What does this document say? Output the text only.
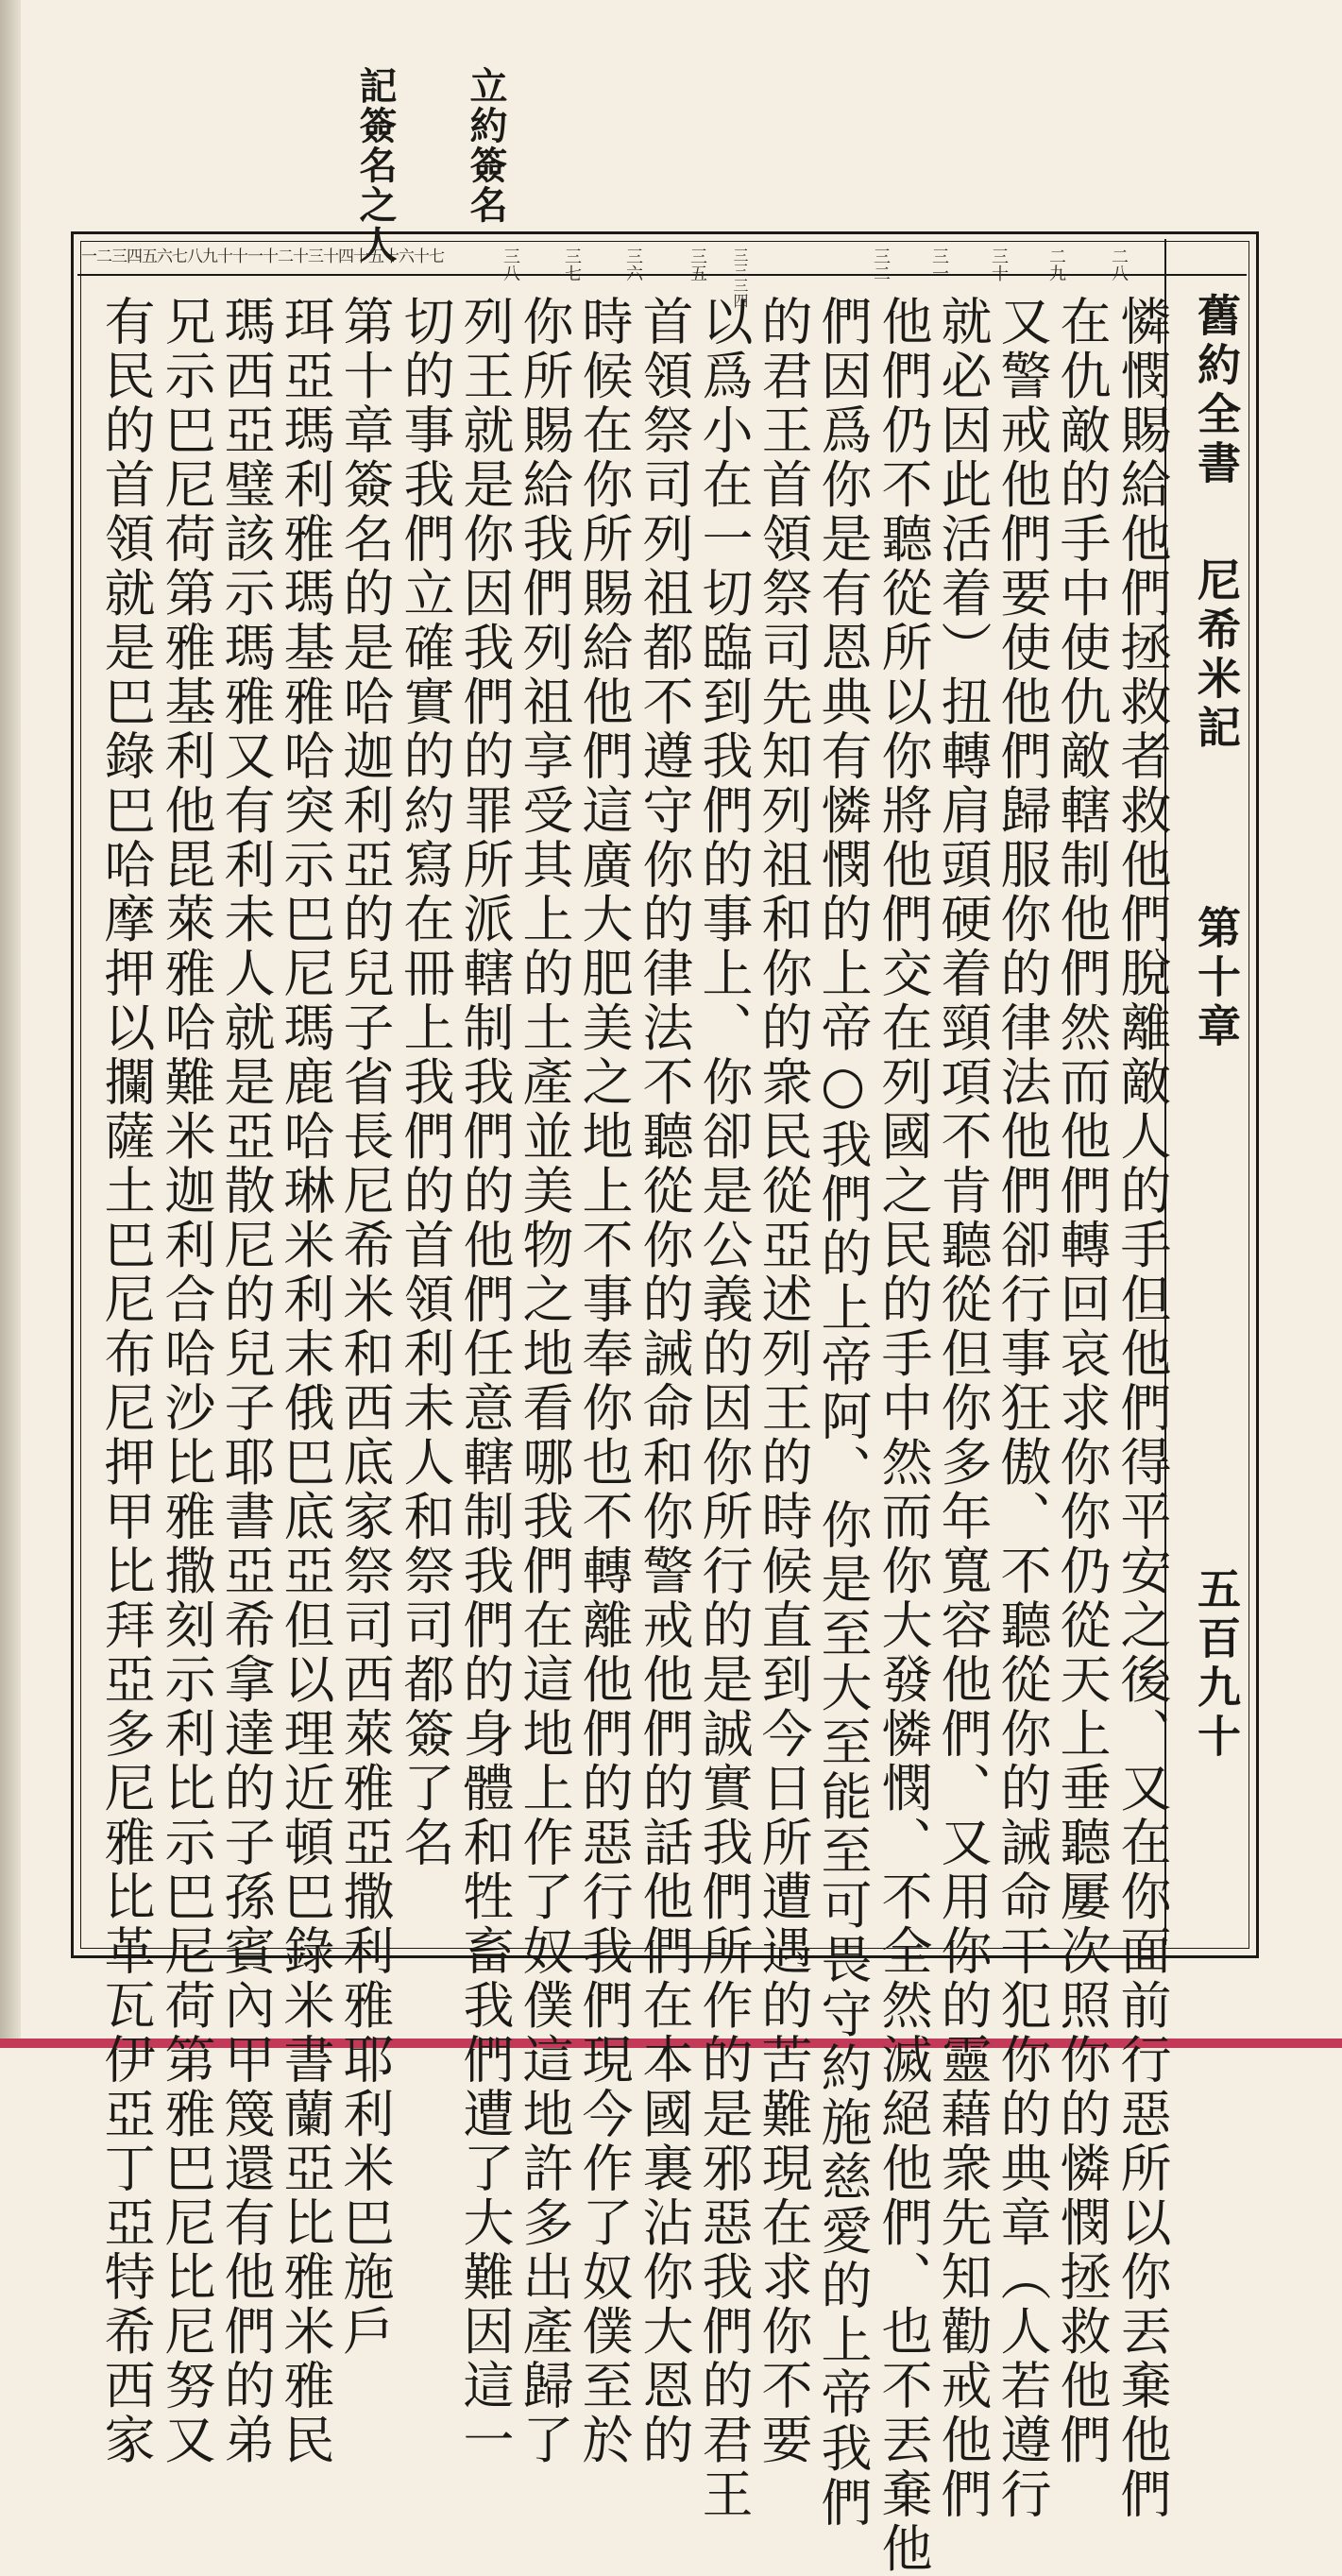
立約簽名
記簽名之人
舊約全書
尼希米記
第十章
五百九十
二八
二九
三十
三一
三二
三三三四
三五
三六
三七
三八
一二三四五六七八九十十一十二十三十四十五十六十七
憐憫賜給他們拯救者救他們脫離敵人的手但他們得平安之後、又在你面前行惡所以你丟棄他們
在仇敵的手中使仇敵轄制他們然而他們轉回哀求你你仍從天上垂聽屢次照你的憐憫拯救他們
又警戒他們要使他們歸服你的律法他們卻行事狂傲、不聽從你的誡命干犯你的典章（人若遵行
就必因此活着）扭轉肩頭硬着頸項不肯聽從但你多年寬容他們、又用你的靈藉衆先知勸戒他們
他們仍不聽從所以你將他們交在列國之民的手中然而你大發憐憫、不全然滅絕他們、也不丟棄他
們因爲你是有恩典有憐憫的上帝○我們的上帝阿、你是至大至能至可畏守約施慈愛的上帝我們
的君王首領祭司先知列祖和你的衆民從亞述列王的時候直到今日所遭遇的苦難現在求你不要
以爲小在一切臨到我們的事上、你卻是公義的因你所行的是誠實我們所作的是邪惡我們的君王
首領祭司列祖都不遵守你的律法不聽從你的誡命和你警戒他們的話他們在本國裏沾你大恩的
時候在你所賜給他們這廣大肥美之地上不事奉你也不轉離他們的惡行我們現今作了奴僕至於
你所賜給我們列祖享受其上的土產並美物之地看哪我們在這地上作了奴僕這地許多出產歸了
列王就是你因我們的罪所派轄制我們的他們任意轄制我們的身體和牲畜我們遭了大難因這一
切的事我們立確實的約寫在冊上我們的首領利未人和祭司都簽了名
第十章簽名的是哈迦利亞的兒子省長尼希米和西底家祭司西萊雅亞撒利雅耶利米巴施戶
珥亞瑪利雅瑪基雅哈突示巴尼瑪鹿哈琳米利末俄巴底亞但以理近頓巴錄米書蘭亞比雅米雅民
瑪西亞璧該示瑪雅又有利未人就是亞散尼的兒子耶書亞希拿達的子孫賓內甲篾還有他們的弟
兄示巴尼荷第雅基利他毘萊雅哈難米迦利合哈沙比雅撒刻示利比示巴尼荷第雅巴尼比尼努又
有民的首領就是巴錄巴哈摩押以攔薩土巴尼布尼押甲比拜亞多尼雅比革瓦伊亞丁亞特希西家
